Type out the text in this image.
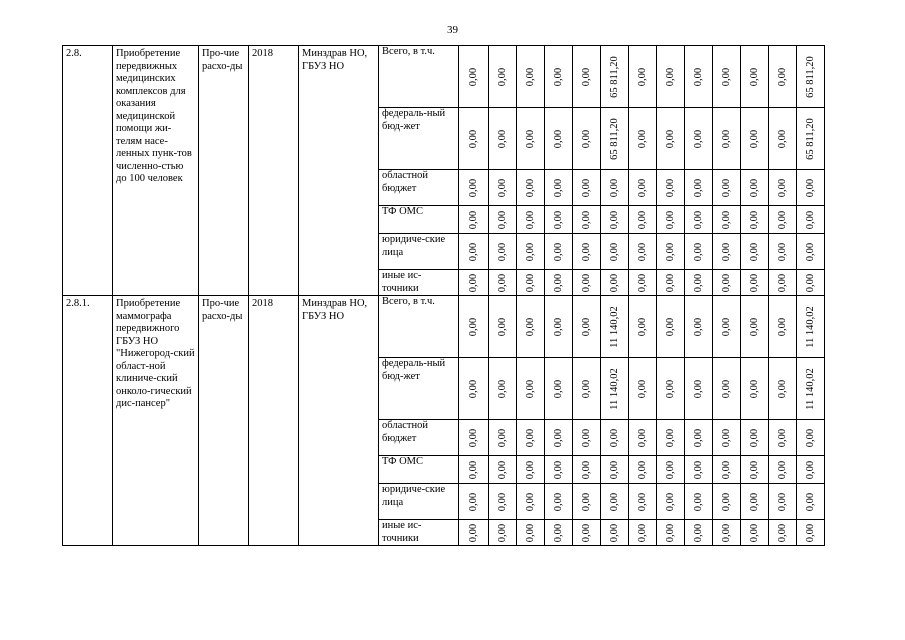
39
2.8.	Приобретение передвижных медицинских комплексов для оказания медицинской помощи жи-телям насе-ленных пунк-тов численно-стью до 100 человек	Про-чие расхо-ды	2018	Минздрав НО, ГБУЗ НО	Всего, в т.ч.	0,00	0,00	0,00	0,00	0,00	65 811,20	0,00	0,00	0,00	0,00	0,00	0,00	65 811,20

					федераль-ный бюд-жет	0,00	0,00	0,00	0,00	0,00	65 811,20	0,00	0,00	0,00	0,00	0,00	0,00	65 811,20

					областной бюджет	0,00	0,00	0,00	0,00	0,00	0,00	0,00	0,00	0,00	0,00	0,00	0,00	0,00

					ТФ ОМС	0,00	0,00	0,00	0,00	0,00	0,00	0,00	0,00	0,00	0,00	0,00	0,00	0,00

					юридиче-ские лица	0,00	0,00	0,00	0,00	0,00	0,00	0,00	0,00	0,00	0,00	0,00	0,00	0,00

					иные ис-точники	0,00	0,00	0,00	0,00	0,00	0,00	0,00	0,00	0,00	0,00	0,00	0,00	0,00

2.8.1.	Приобретение маммографа передвижного ГБУЗ НО "Нижегород-ский област-ной клиниче-ский онколо-гический дис-пансер"	Про-чие расхо-ды	2018	Минздрав НО, ГБУЗ НО	Всего, в т.ч.	0,00	0,00	0,00	0,00	0,00	11 140,02	0,00	0,00	0,00	0,00	0,00	0,00	11 140,02

					федераль-ный бюд-жет	0,00	0,00	0,00	0,00	0,00	11 140,02	0,00	0,00	0,00	0,00	0,00	0,00	11 140,02

					областной бюджет	0,00	0,00	0,00	0,00	0,00	0,00	0,00	0,00	0,00	0,00	0,00	0,00	0,00

					ТФ ОМС	0,00	0,00	0,00	0,00	0,00	0,00	0,00	0,00	0,00	0,00	0,00	0,00	0,00

					юридиче-ские лица	0,00	0,00	0,00	0,00	0,00	0,00	0,00	0,00	0,00	0,00	0,00	0,00	0,00

					иные ис-точники	0,00	0,00	0,00	0,00	0,00	0,00	0,00	0,00	0,00	0,00	0,00	0,00	0,00
